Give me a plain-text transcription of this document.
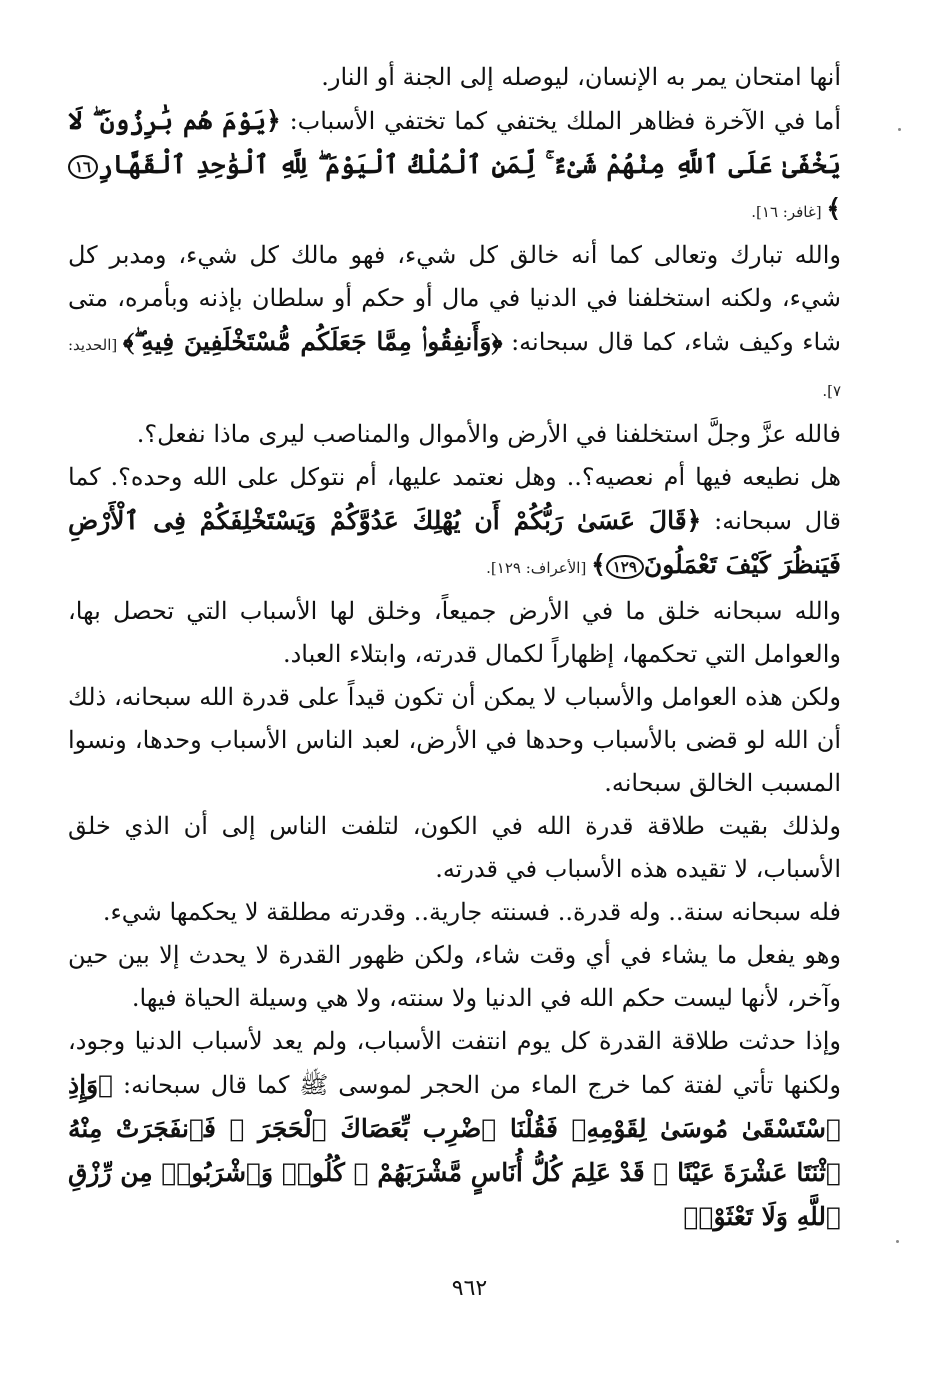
أنها امتحان يمر به الإنسان، ليوصله إلى الجنة أو النار.

أما في الآخرة فظاهر الملك يختفي كما تختفي الأسباب: ﴿يَوْمَ هُم بَٰرِزُونَ ۖ لَا يَخْفَىٰ عَلَى ٱللَّهِ مِنْهُمْ شَىْءٌ ۚ لِّمَنِ ٱلْمُلْكُ ٱلْيَوْمَ ۖ لِلَّهِ ٱلْوَٰحِدِ ٱلْقَهَّارِ١٦﴾ [غافر: ١٦].

والله تبارك وتعالى كما أنه خالق كل شيء، فهو مالك كل شيء، ومدبر كل شيء، ولكنه استخلفنا في الدنيا في مال أو حكم أو سلطان بإذنه وبأمره، متى شاء وكيف شاء، كما قال سبحانه: ﴿وَأَنفِقُوا۟ مِمَّا جَعَلَكُم مُّسْتَخْلَفِينَ فِيهِ ۖ﴾ [الحديد: ٧].

فالله عزَّ وجلَّ استخلفنا في الأرض والأموال والمناصب ليرى ماذا نفعل؟.

هل نطيعه فيها أم نعصيه؟.. وهل نعتمد عليها، أم نتوكل على الله وحده؟. كما قال سبحانه: ﴿قَالَ عَسَىٰ رَبُّكُمْ أَن يُهْلِكَ عَدُوَّكُمْ وَيَسْتَخْلِفَكُمْ فِى ٱلْأَرْضِ فَيَنظُرَ كَيْفَ تَعْمَلُونَ١٢٩﴾ [الأعراف: ١٢٩].

والله سبحانه خلق ما في الأرض جميعاً، وخلق لها الأسباب التي تحصل بها، والعوامل التي تحكمها، إظهاراً لكمال قدرته، وابتلاء العباد.

ولكن هذه العوامل والأسباب لا يمكن أن تكون قيداً على قدرة الله سبحانه، ذلك أن الله لو قضى بالأسباب وحدها في الأرض، لعبد الناس الأسباب وحدها، ونسوا المسبب الخالق سبحانه.

ولذلك بقيت طلاقة قدرة الله في الكون، لتلفت الناس إلى أن الذي خلق الأسباب، لا تقيده هذه الأسباب في قدرته.

فله سبحانه سنة.. وله قدرة.. فسنته جارية.. وقدرته مطلقة لا يحكمها شيء.

وهو يفعل ما يشاء في أي وقت شاء، ولكن ظهور القدرة لا يحدث إلا بين حين وآخر، لأنها ليست حكم الله في الدنيا ولا سنته، ولا هي وسيلة الحياة فيها.

وإذا حدثت طلاقة القدرة كل يوم انتفت الأسباب، ولم يعد لأسباب الدنيا وجود، ولكنها تأتي لفتة كما خرج الماء من الحجر لموسى ﷺ كما قال سبحانه: ﴿وَإِذِ ٱسْتَسْقَىٰ مُوسَىٰ لِقَوْمِهِۦ فَقُلْنَا ٱضْرِب بِّعَصَاكَ ٱلْحَجَرَ ۖ فَٱنفَجَرَتْ مِنْهُ ٱثْنَتَا عَشْرَةَ عَيْنًا ۖ قَدْ عَلِمَ كُلُّ أُنَاسٍ مَّشْرَبَهُمْ ۖ كُلُوا۟ وَٱشْرَبُوا۟ مِن رِّزْقِ ٱللَّهِ وَلَا تَعْثَوْا۟

٩٦٢
